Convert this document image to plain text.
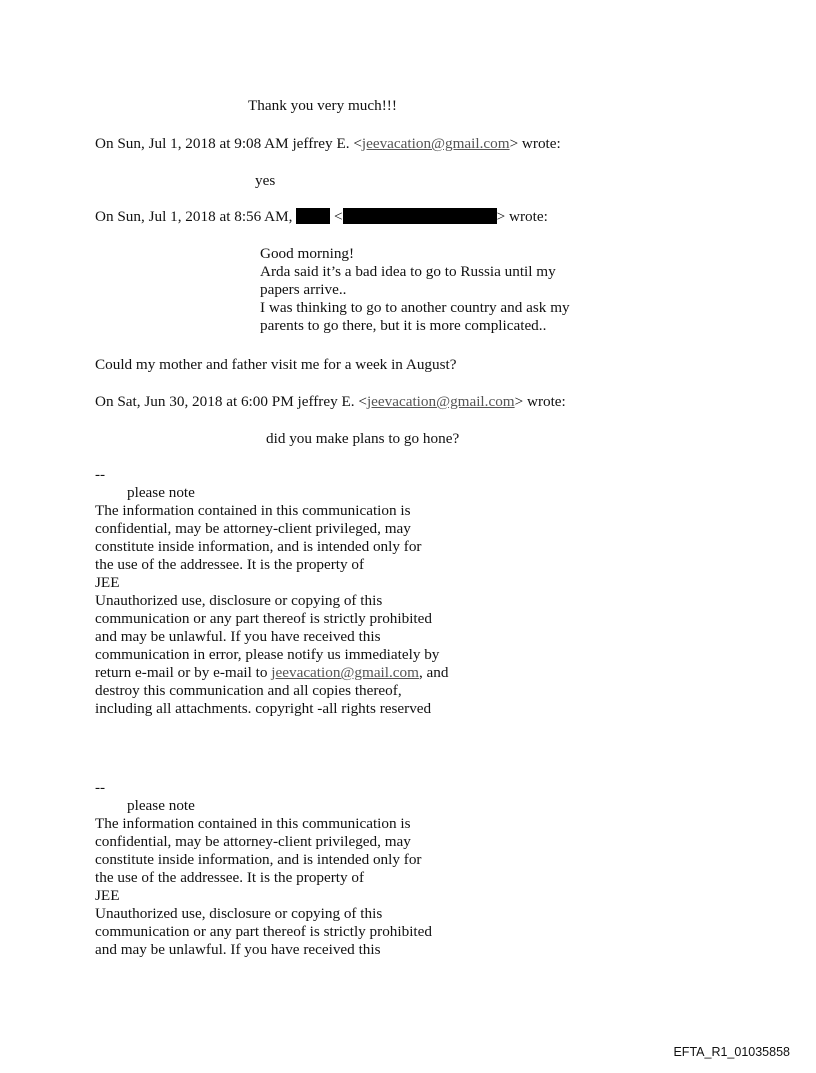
Thank you very much!!!

On Sun, Jul 1, 2018 at 9:08 AM jeffrey E. <jeevacation@gmail.com> wrote:

yes

On Sun, Jul 1, 2018 at 8:56 AM,	<	> wrote:

Good morning!
Arda said it’s a bad idea to go to Russia until my
papers arrive..
I was thinking to go to another country and ask my
parents to go there, but it is more complicated..

Could my mother and father visit me for a week in August?

On Sat, Jun 30, 2018 at 6:00 PM jeffrey E. <jeevacation@gmail.com> wrote:

did you make plans to go hone?

--
please note
The information contained in this communication is
confidential, may be attorney-client privileged, may
constitute inside information, and is intended only for
the use of the addressee. It is the property of
JEE
Unauthorized use, disclosure or copying of this
communication or any part thereof is strictly prohibited
and may be unlawful. If you have received this
communication in error, please notify us immediately by
return e-mail or by e-mail to jeevacation@gmail.com, and
destroy this communication and all copies thereof,
including all attachments. copyright -all rights reserved
--
please note
The information contained in this communication is
confidential, may be attorney-client privileged, may
constitute inside information, and is intended only for
the use of the addressee. It is the property of
JEE
Unauthorized use, disclosure or copying of this
communication or any part thereof is strictly prohibited
and may be unlawful. If you have received this
EFTA_R1_01035858
